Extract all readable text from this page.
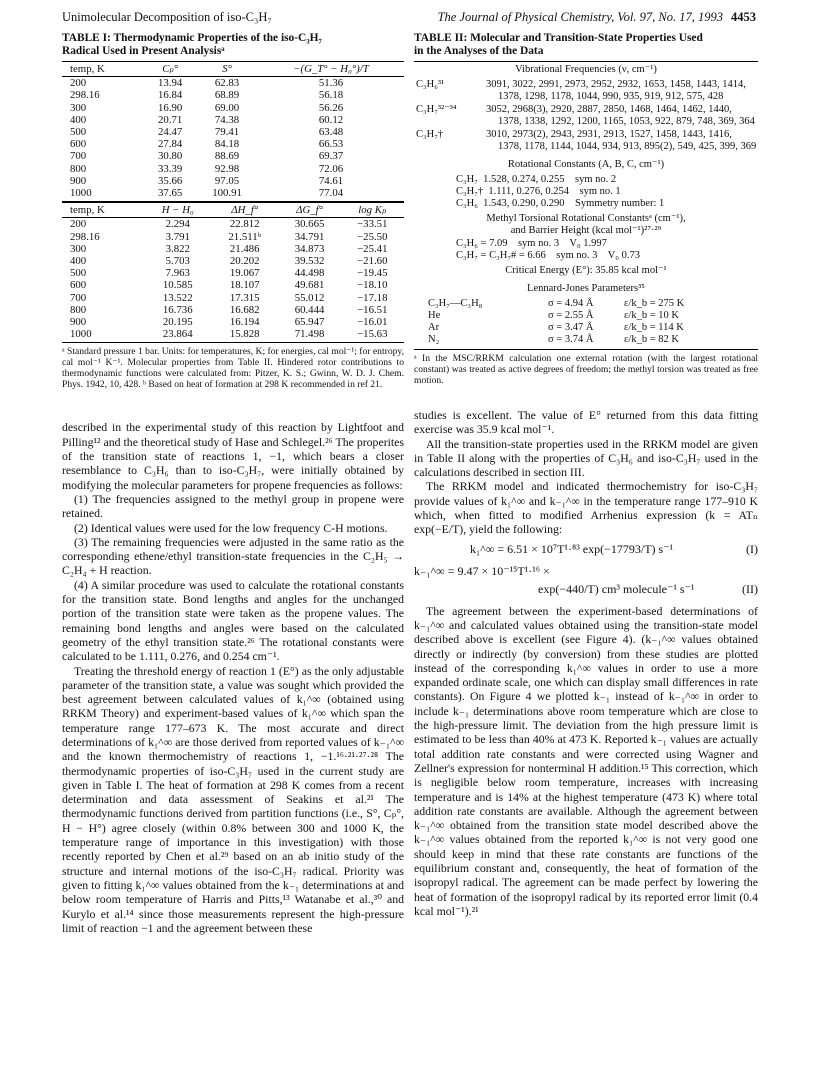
Unimolecular Decomposition of iso-C₃H₇	The Journal of Physical Chemistry, Vol. 97, No. 17, 1993 4453
TABLE I: Thermodynamic Properties of the iso-C₃H₇
Radical Used in Present Analysisᵃ
temp, K	Cₚ°	S°	−(G_T° − H₀°)/T
200	13.94	62.83	51.36
298.16	16.84	68.89	56.18
300	16.90	69.00	56.26
400	20.71	74.38	60.12
500	24.47	79.41	63.48
600	27.84	84.18	66.53
700	30.80	88.69	69.37
800	33.39	92.98	72.06
900	35.66	97.05	74.61
1000	37.65	100.91	77.04
temp, K	H − H₀	ΔH_f°	ΔG_f°	log Kₚ
200	2.294	22.812	30.665	−33.51
298.16	3.791	21.511ᵇ	34.791	−25.50
300	3.822	21.486	34.873	−25.41
400	5.703	20.202	39.532	−21.60
500	7.963	19.067	44.498	−19.45
600	10.585	18.107	49.681	−18.10
700	13.522	17.315	55.012	−17.18
800	16.736	16.682	60.444	−16.51
900	20.195	16.194	65.947	−16.01
1000	23.864	15.828	71.498	−15.63
ᵃ Standard pressure 1 bar. Units: for temperatures, K; for energies, cal mol⁻¹; for entropy, cal mol⁻¹ K⁻¹. Molecular properties from Table II. Hindered rotor contributions to thermodynamic functions were calculated from: Pitzer, K. S.; Gwinn, W. D. J. Chem. Phys. 1942, 10, 428. ᵇ Based on heat of formation at 298 K recommended in ref 21.

described in the experimental study of this reaction by Lightfoot and Pilling¹² and the theoretical study of Hase and Schlegel.²⁶ The properites of the transition state of reactions 1, −1, which bears a closer resemblance to C₃H₆ than to iso-C₃H₇, were initially obtained by modifying the molecular parameters for propene frequencies as follows:

(1) The frequencies assigned to the methyl group in propene were retained.

(2) Identical values were used for the low frequency C-H motions.

(3) The remaining frequencies were adjusted in the same ratio as the corresponding ethene/ethyl transition-state frequencies in the C₂H₅ → C₂H₄ + H reaction.

(4) A similar procedure was used to calculate the rotational constants for the transition state. Bond lengths and angles for the unchanged portion of the transition state were taken as the propene values. The remaining bond lengths and angles were based on the calculated geometry of the ethyl transition state.²⁶ The rotational constants were calculated to be 1.111, 0.276, and 0.254 cm⁻¹.

Treating the threshold energy of reaction 1 (E°) as the only adjustable parameter of the transition state, a value was sought which provided the best agreement between calculated values of k₁^∞ (obtained using RRKM Theory) and experiment-based values of k₁^∞ which span the temperature range 177–673 K. The most accurate and direct determinations of k₁^∞ are those derived from reported values of k₋₁^∞ and the known thermochemistry of reactions 1, −1.¹⁶·²¹·²⁷·²⁸ The thermodynamic properties of iso-C₃H₇ used in the current study are given in Table I. The heat of formation at 298 K comes from a recent determination and data assessment of Seakins et al.²¹ The thermodynamic functions derived from partition functions (i.e., S°, Cₚ°, H − H°) agree closely (within 0.8% between 300 and 1000 K, the temperature range of importance in this investigation) with those recently reported by Chen et al.²⁹ based on an ab initio study of the structure and internal motions of the iso-C₃H₇ radical. Priority was given to fitting k₁^∞ values obtained from the k₋₁ determinations at and below room temperature of Harris and Pitts,¹³ Watanabe et al.,³⁰ and Kurylo et al.¹⁴ since those measurements represent the high-pressure limit of reaction −1 and the agreement between these

TABLE II: Molecular and Transition-State Properties Used
in the Analyses of the Data
Vibrational Frequencies (ν, cm⁻¹)
C₃H₆³¹	3091, 3022, 2991, 2973, 2952, 2932, 1653, 1458, 1443, 1414, 1378, 1298, 1178, 1044, 990, 935, 919, 912, 575, 428
C₃H₇³²⁻³⁴	3052, 2968(3), 2920, 2887, 2850, 1468, 1464, 1462, 1440, 1378, 1338, 1292, 1200, 1165, 1053, 922, 879, 748, 369, 364
C₃H₇†	3010, 2973(2), 2943, 2931, 2913, 1527, 1458, 1443, 1416, 1378, 1178, 1144, 1044, 934, 913, 895(2), 549, 425, 399, 369
Rotational Constants (A, B, C, cm⁻¹)
C₃H₇  1.528, 0.274, 0.255    sym no. 2
C₃H₇†  1.111, 0.276, 0.254    sym no. 1
C₃H₆  1.543, 0.290, 0.290    Symmetry number: 1
Methyl Torsional Rotational Constantsᵃ (cm⁻¹),
and Barrier Height (kcal mol⁻¹)²⁷·²⁹
C₃H₆ = 7.09    sym no. 3    V₀ 1.997
C₃H₇ = C₃H₇# = 6.66    sym no. 3    V₀ 0.73
Critical Energy (E°): 35.85 kcal mol⁻¹
Lennard-Jones Parameters³⁵
C₃H₇—C₃H₈	σ = 4.94 Å	ε/k_b = 275 K
He	σ = 2.55 Å	ε/k_b = 10 K
Ar	σ = 3.47 Å	ε/k_b = 114 K
N₂	σ = 3.74 Å	ε/k_b = 82 K
ᵃ In the MSC/RRKM calculation one external rotation (with the largest rotational constant) was treated as active degrees of freedom; the methyl torsion was treated as free motion.

studies is excellent. The value of E° returned from this data fitting exercise was 35.9 kcal mol⁻¹.

All the transition-state properties used in the RRKM model are given in Table II along with the properties of C₃H₆ and iso-C₃H₇ used in the calculations described in section III.

The RRKM model and indicated thermochemistry for iso-C₃H₇ provide values of k₁^∞ and k₋₁^∞ in the temperature range 177–910 K which, when fitted to modified Arrhenius expression (k = ATₙ exp(−E/T), yield the following:

k₁^∞ = 6.51 × 10⁷T¹·⁸³ exp(−17793/T) s⁻¹	(I)
k₋₁^∞ = 9.47 × 10⁻¹⁵T¹·¹⁶ ×
exp(−440/T) cm³ molecule⁻¹ s⁻¹	(II)

The agreement between the experiment-based determinations of k₋₁^∞ and calculated values obtained using the transition-state model described above is excellent (see Figure 4). (k₋₁^∞ values obtained directly or indirectly (by conversion) from these studies are plotted instead of the corresponding k₁^∞ values in order to use a more expanded ordinate scale, one which can display small differences in rate constants). On Figure 4 we plotted k₋₁ instead of k₋₁^∞ in order to include k₋₁ determinations above room temperature which are close to the high-pressure limit. The deviation from the high pressure limit is estimated to be less than 40% at 473 K. Reported k₋₁ values are actually total addition rate constants and were corrected using Wagner and Zellner's expression for nonterminal H addition.¹⁵ This correction, which is negligible below room temperature, increases with increasing temperature and is 14% at the highest temperature (473 K) where total addition rate constants are available. Although the agreement between k₋₁^∞ obtained from the transition state model described above the k₋₁^∞ values obtained from the reported k₁^∞ is not very good one should keep in mind that these rate constants are functions of the equilibrium constant and, consequently, the heat of formation of the isopropyl radical. The agreement can be made perfect by lowering the heat of formation of the isopropyl radical by its reported error limit (0.4 kcal mol⁻¹).²¹
